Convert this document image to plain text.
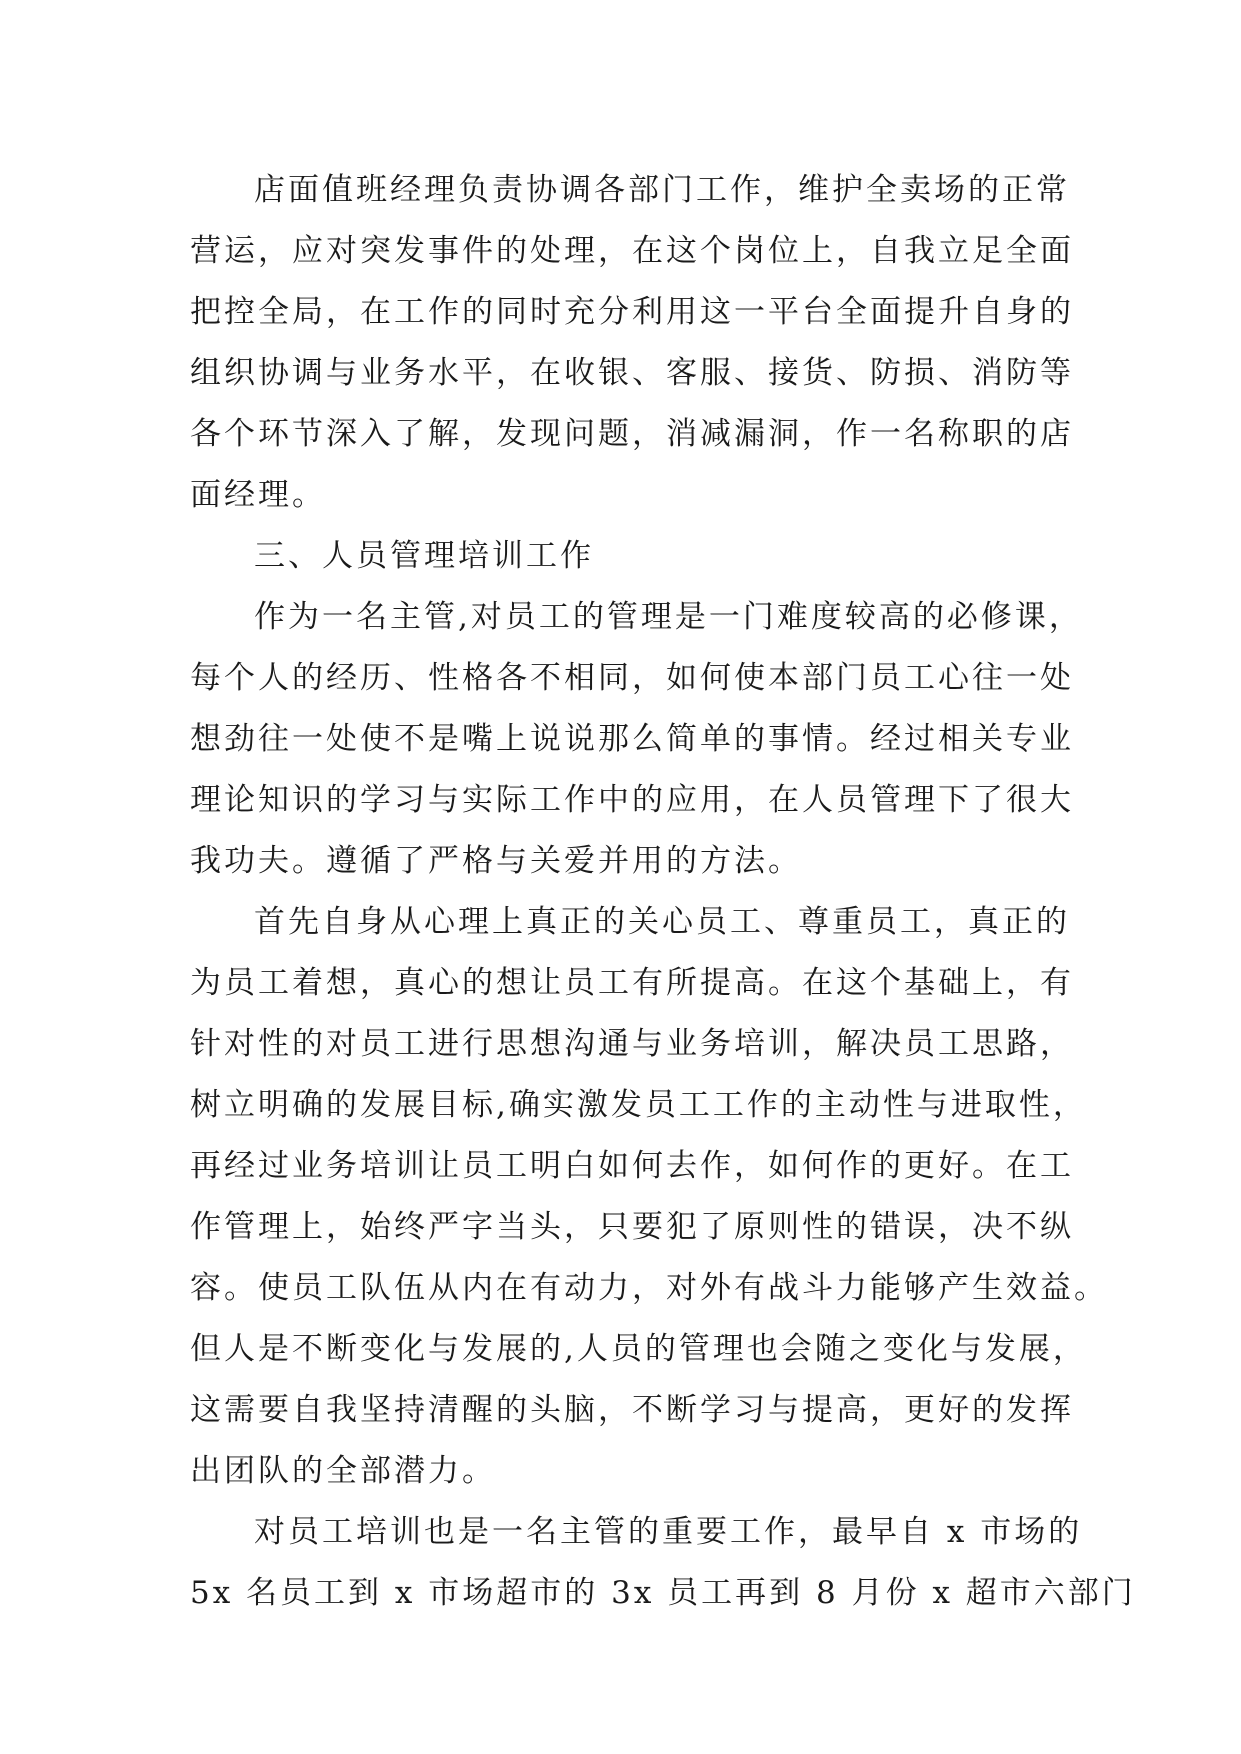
店面值班经理负责协调各部门工作，维护全卖场的正常
营运，应对突发事件的处理，在这个岗位上，自我立足全面
把控全局，在工作的同时充分利用这一平台全面提升自身的
组织协调与业务水平，在收银、客服、接货、防损、消防等
各个环节深入了解，发现问题，消减漏洞，作一名称职的店
面经理。
三、人员管理培训工作
作为一名主管,对员工的管理是一门难度较高的必修课，
每个人的经历、性格各不相同，如何使本部门员工心往一处
想劲往一处使不是嘴上说说那么简单的事情。经过相关专业
理论知识的学习与实际工作中的应用，在人员管理下了很大
我功夫。遵循了严格与关爱并用的方法。
首先自身从心理上真正的关心员工、尊重员工，真正的
为员工着想，真心的想让员工有所提高。在这个基础上，有
针对性的对员工进行思想沟通与业务培训，解决员工思路，
树立明确的发展目标,确实激发员工工作的主动性与进取性，
再经过业务培训让员工明白如何去作，如何作的更好。在工
作管理上，始终严字当头，只要犯了原则性的错误，决不纵
容。使员工队伍从内在有动力，对外有战斗力能够产生效益。
但人是不断变化与发展的,人员的管理也会随之变化与发展，
这需要自我坚持清醒的头脑，不断学习与提高，更好的发挥
出团队的全部潜力。
对员工培训也是一名主管的重要工作，最早自 x 市场的
5x 名员工到 x 市场超市的 3x 员工再到 8 月份 x 超市六部门
